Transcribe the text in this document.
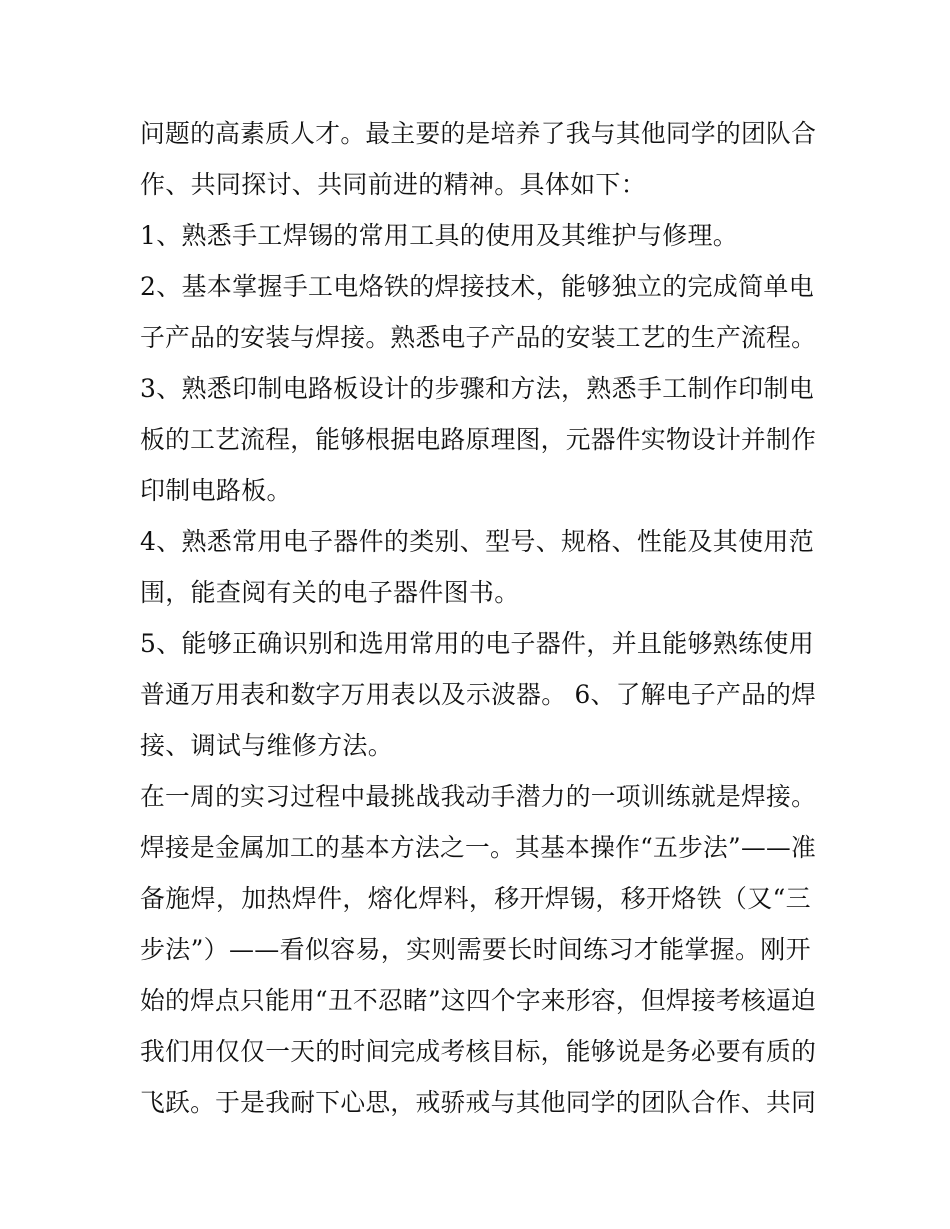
问题的高素质人才。最主要的是培养了我与其他同学的团队合
作、共同探讨、共同前进的精神。具体如下：
1、熟悉手工焊锡的常用工具的使用及其维护与修理。
2、基本掌握手工电烙铁的焊接技术，能够独立的完成简单电
子产品的安装与焊接。熟悉电子产品的安装工艺的生产流程。
3、熟悉印制电路板设计的步骤和方法，熟悉手工制作印制电
板的工艺流程，能够根据电路原理图，元器件实物设计并制作
印制电路板。
4、熟悉常用电子器件的类别、型号、规格、性能及其使用范
围，能查阅有关的电子器件图书。
5、能够正确识别和选用常用的电子器件，并且能够熟练使用
普通万用表和数字万用表以及示波器。 6、了解电子产品的焊
接、调试与维修方法。
在一周的实习过程中最挑战我动手潜力的一项训练就是焊接。
焊接是金属加工的基本方法之一。其基本操作“五步法”——准
备施焊，加热焊件，熔化焊料，移开焊锡，移开烙铁（又“三
步法”）——看似容易，实则需要长时间练习才能掌握。刚开
始的焊点只能用“丑不忍睹”这四个字来形容，但焊接考核逼迫
我们用仅仅一天的时间完成考核目标，能够说是务必要有质的
飞跃。于是我耐下心思，戒骄戒与其他同学的团队合作、共同
